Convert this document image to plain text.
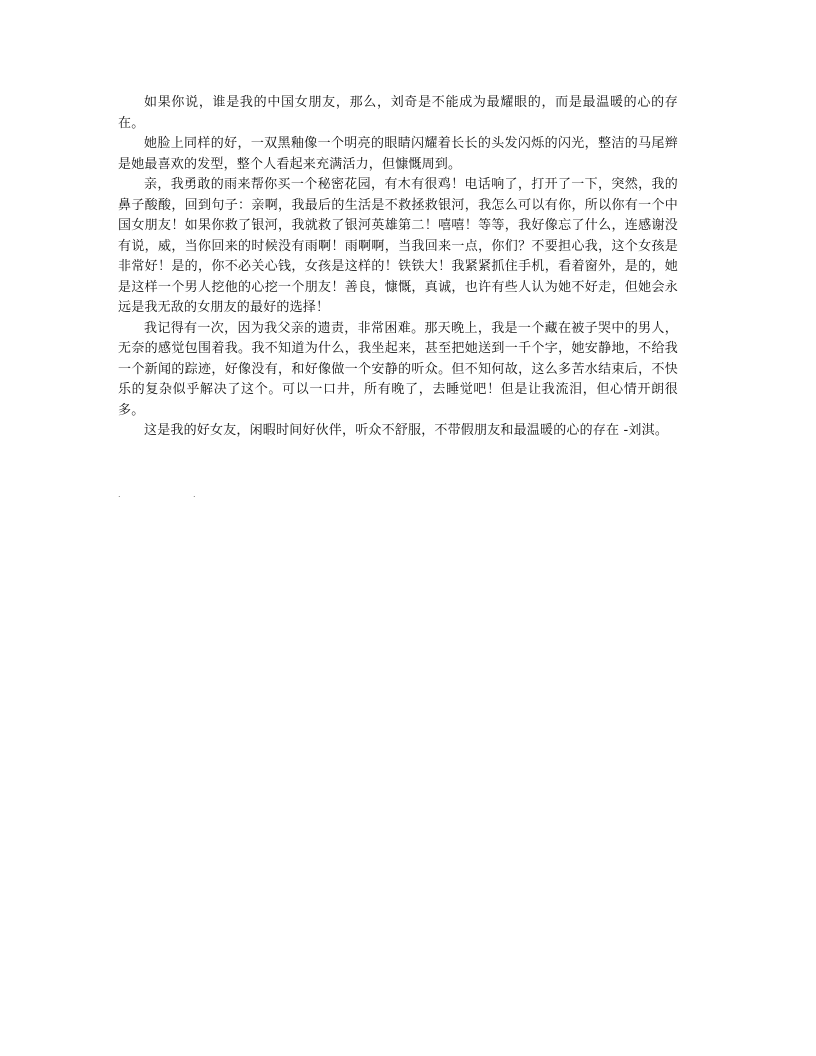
如果你说，谁是我的中国女朋友，那么，刘奇是不能成为最耀眼的，而是最温暖的心的存在。

她脸上同样的好，一双黑釉像一个明亮的眼睛闪耀着长长的头发闪烁的闪光，整洁的马尾辫是她最喜欢的发型，整个人看起来充满活力，但慷慨周到。

亲，我勇敢的雨来帮你买一个秘密花园，有木有很鸡！电话响了，打开了一下，突然，我的鼻子酸酸，回到句子：亲啊，我最后的生活是不救拯救银河，我怎么可以有你，所以你有一个中国女朋友！如果你救了银河，我就救了银河英雄第二！嘻嘻！等等，我好像忘了什么，连感谢没有说，威，当你回来的时候没有雨啊！雨啊啊，当我回来一点，你们？不要担心我，这个女孩是非常好！是的，你不必关心钱，女孩是这样的！铁铁大！我紧紧抓住手机，看着窗外，是的，她是这样一个男人挖他的心挖一个朋友！善良，慷慨，真诚，也许有些人认为她不好走，但她会永远是我无敌的女朋友的最好的选择！

我记得有一次，因为我父亲的遗责，非常困难。那天晚上，我是一个藏在被子哭中的男人，无奈的感觉包围着我。我不知道为什么，我坐起来，甚至把她送到一千个字，她安静地，不给我一个新闻的踪迹，好像没有，和好像做一个安静的听众。但不知何故，这么多苦水结束后，不快乐的复杂似乎解决了这个。可以一口井，所有晚了，去睡觉吧！但是让我流泪，但心情开朗很多。

这是我的好女友，闲暇时间好伙伴，听众不舒服，不带假朋友和最温暖的心的存在 -刘淇。

.	.
